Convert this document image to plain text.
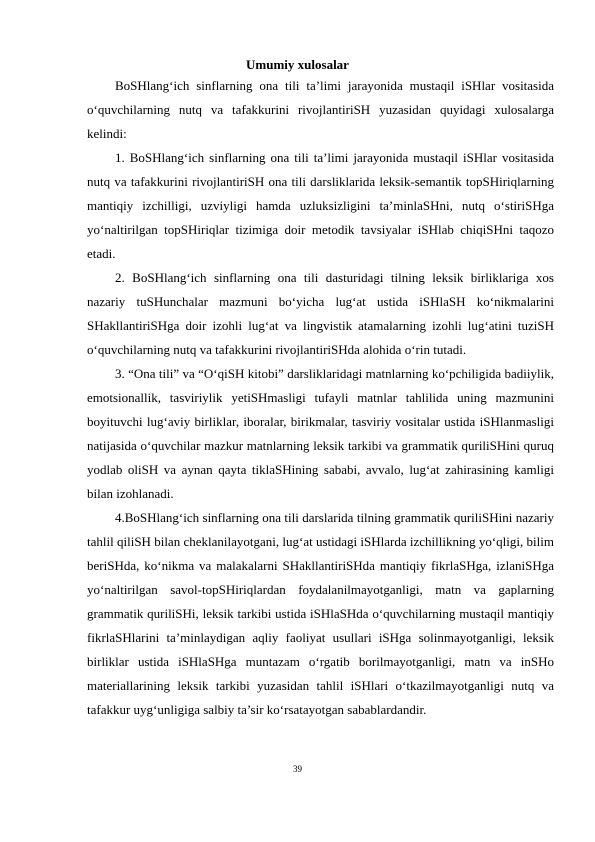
Umumiy xulosalar

BoSHlang‘ich sinflarning ona tili ta’limi jarayonida mustaqil iSHlar vositasida o‘quvchilarning nutq va tafakkurini rivojlantiriSH yuzasidan quyidagi xulosalarga kelindi:

1. BoSHlang‘ich sinflarning ona tili ta’limi jarayonida mustaqil iSHlar vositasida nutq va tafakkurini rivojlantiriSH ona tili darsliklarida leksik-semantik topSHiriqlarning mantiqiy izchilligi, uzviyligi hamda uzluksizligini ta’minlaSHni, nutq o‘stiriSHga yo‘naltirilgan topSHiriqlar tizimiga doir metodik tavsiyalar iSHlab chiqiSHni taqozo etadi.

2. BoSHlang‘ich sinflarning ona tili dasturidagi tilning leksik birliklariga xos nazariy tuSHunchalar mazmuni bo‘yicha lug‘at ustida iSHlaSH ko‘nikmalarini SHakllantiriSHga doir izohli lug‘at va lingvistik atamalarning izohli lug‘atini tuziSH o‘quvchilarning nutq va tafakkurini rivojlantiriSHda alohida o‘rin tutadi.

3. “Ona tili” va “O‘qiSH kitobi” darsliklaridagi matnlarning ko‘pchiligida badiiylik, emotsionallik, tasviriylik yetiSHmasligi tufayli matnlar tahlilida uning mazmunini boyituvchi lug‘aviy birliklar, iboralar, birikmalar, tasviriy vositalar ustida iSHlanmasligi natijasida o‘quvchilar mazkur matnlarning leksik tarkibi va grammatik quriliSHini quruq yodlab oliSH va aynan qayta tiklaSHining sababi, avvalo, lug‘at zahirasining kamligi bilan izohlanadi.

4.BoSHlang‘ich sinflarning ona tili darslarida tilning grammatik quriliSHini nazariy tahlil qiliSH bilan cheklanilayotgani, lug‘at ustidagi iSHlarda izchillikning yo‘qligi, bilim beriSHda, ko‘nikma va malakalarni SHakllantiriSHda mantiqiy fikrlaSHga, izlaniSHga yo‘naltirilgan savol-topSHiriqlardan foydalanilmayotganligi, matn va gaplarning grammatik quriliSHi, leksik tarkibi ustida iSHlaSHda o‘quvchilarning mustaqil mantiqiy fikrlaSHlarini ta’minlaydigan aqliy faoliyat usullari iSHga solinmayotganligi, leksik birliklar ustida iSHlaSHga muntazam o‘rgatib borilmayotganligi, matn va inSHo materiallarining leksik tarkibi yuzasidan tahlil iSHlari o‘tkazilmayotganligi nutq va tafakkur uyg‘unligiga salbiy ta’sir ko‘rsatayotgan sabablardandir.

39
